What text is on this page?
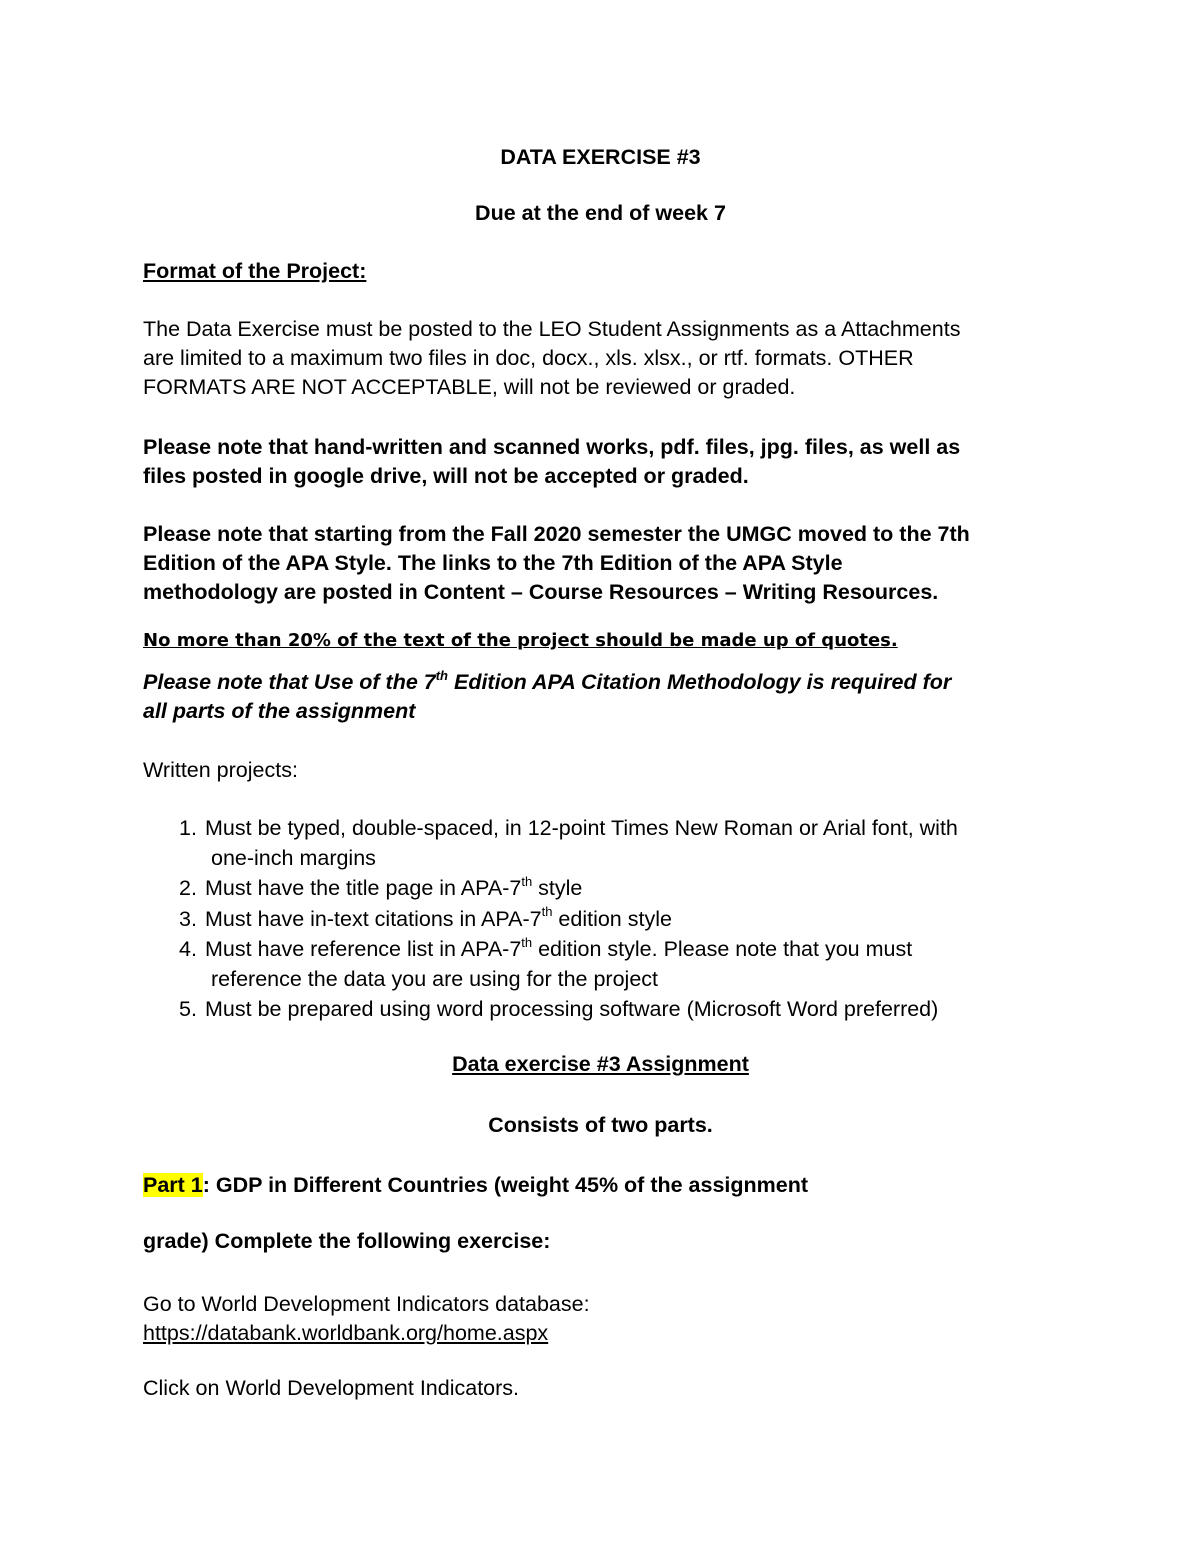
DATA EXERCISE #3

Due at the end of week 7

Format of the Project:

The Data Exercise must be posted to the LEO Student Assignments as a Attachments
are limited to a maximum two files in doc, docx., xls. xlsx., or rtf. formats. OTHER
FORMATS ARE NOT ACCEPTABLE, will not be reviewed or graded.
Please note that hand-written and scanned works, pdf. files, jpg. files, as well as
files posted in google drive, will not be accepted or graded.
Please note that starting from the Fall 2020 semester the UMGC moved to the 7th
Edition of the APA Style. The links to the 7th Edition of the APA Style
methodology are posted in Content – Course Resources – Writing Resources.

No more than 20% of the text of the project should be made up of quotes.

Please note that Use of the 7th Edition APA Citation Methodology is required for
all parts of the assignment

Written projects:

1. Must be typed, double-spaced, in 12-point Times New Roman or Arial font, with
one-inch margins
2. Must have the title page in APA-7th style
3. Must have in-text citations in APA-7th edition style
4. Must have reference list in APA-7th edition style. Please note that you must
reference the data you are using for the project
5. Must be prepared using word processing software (Microsoft Word preferred)

Data exercise #3 Assignment

Consists of two parts.

Part 1: GDP in Different Countries (weight 45% of the assignment

grade) Complete the following exercise:

Go to World Development Indicators database:
https://databank.worldbank.org/home.aspx

Click on World Development Indicators.
